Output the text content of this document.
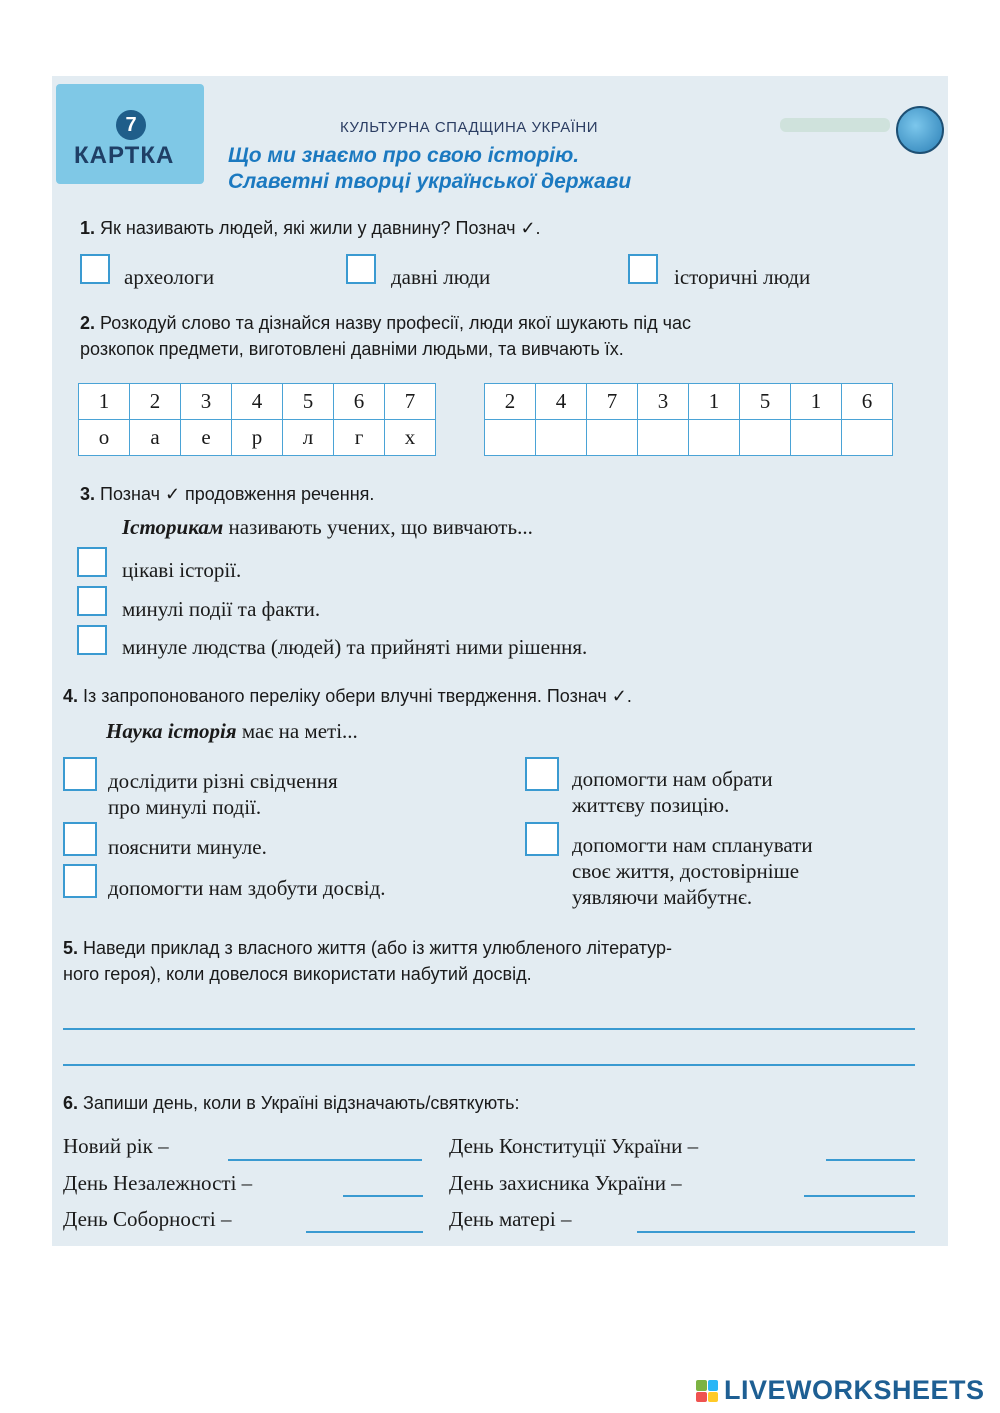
7
КАРТКА
КУЛЬТУРНА СПАДЩИНА УКРАЇНИ
Що ми знаємо про свою історію.
Славетні творці української держави
1. Як називають людей, які жили у давнину? Познач ✓.
археологи	давні люди	історичні люди
2. Розкодуй слово та дізнайся назву професії, люди якої шукають під час
розкопок предмети, виготовлені давніми людьми, та вивчають їх.
1	2	3	4	5	6	7
о	а	е	р	л	г	х
2	4	7	3	1	5	1	6

3. Познач ✓ продовження речення.
Історикам називають учених, що вивчають...
цікаві історії.
минулі події та факти.
минуле людства (людей) та прийняті ними рішення.
4. Із запропонованого переліку обери влучні твердження. Познач ✓.
Наука історія має на меті...
дослідити різні свідчення
про минулі події.
пояснити минуле.
допомогти нам здобути досвід.
допомогти нам обрати
життєву позицію.
допомогти нам спланувати
своє життя, достовірніше
уявляючи майбутнє.
5. Наведи приклад з власного життя (або із життя улюбленого літератур-
ного героя), коли довелося використати набутий досвід.
6. Запиши день, коли в Україні відзначають/святкують:
Новий рік –
День Незалежності –
День Соборності –
День Конституції України –
День захисника України –
День матері –
LIVEWORKSHEETS
